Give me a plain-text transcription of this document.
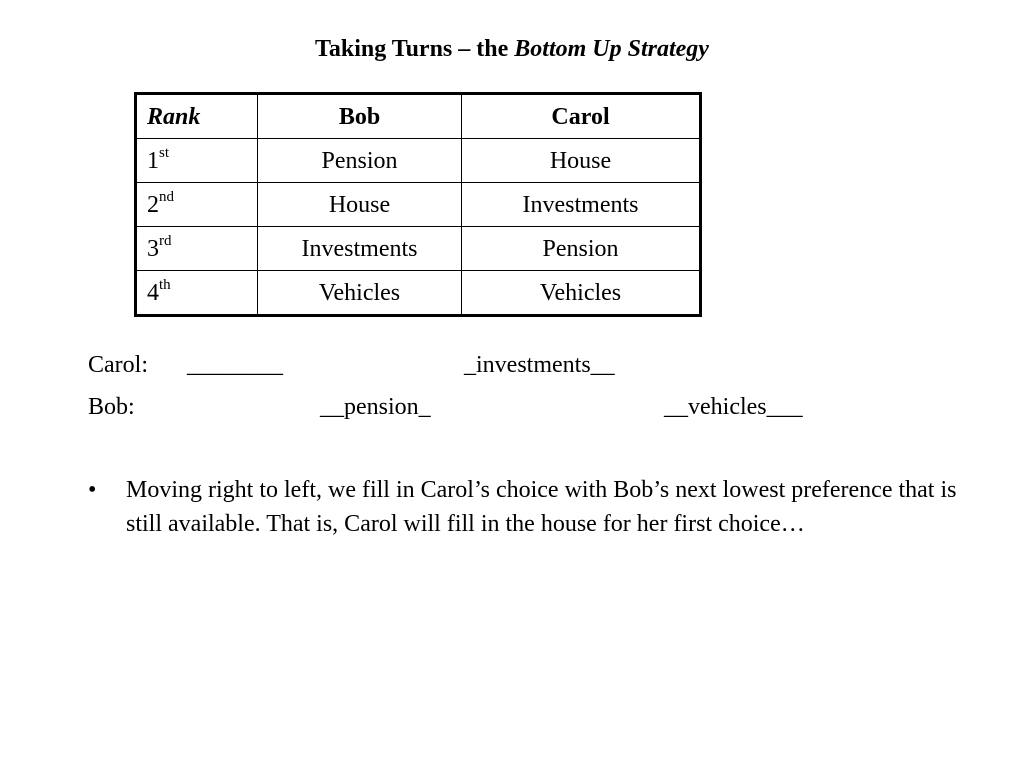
Taking Turns – the Bottom Up Strategy
Rank	Bob	Carol
1st	Pension	House
2nd	House	Investments
3rd	Investments	Pension
4th	Vehicles	Vehicles
Carol: ________	_investments__
Bob:	__pension_	__vehicles___
• Moving right to left, we fill in Carol’s choice with Bob’s next lowest preference that is still available. That is, Carol will fill in the house for her first choice…
